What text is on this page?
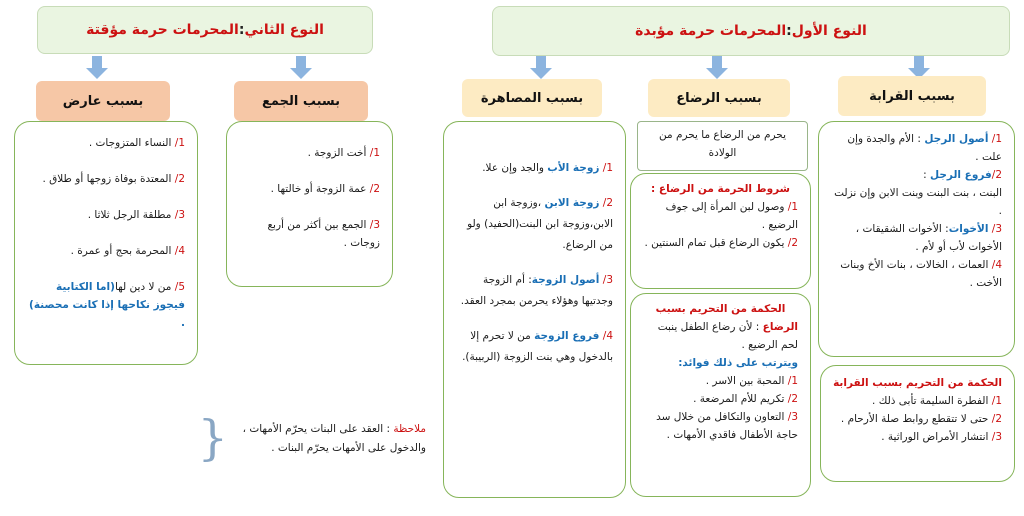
النوع الأول
:
المحرمات حرمة مؤبدة
النوع الثاني
:
المحرمات حرمة مؤقتة
بسبب القرابة
بسبب الرضاع
بسبب المصاهرة
بسبب الجمع
بسبب عارض

1/ أصول الرجل : الأم والجدة وإن علت .

2/فروع الرجل :

البنت ، بنت البنت وبنت الابن وإن نزلت .

3/ الأخوات: الأخوات الشقيقات ، الأخوات لأب أو لأم .

4/ العمات ، الخالات ، بنات الأخ وبنات الأخت .

الحكمة من التحريم بسبب القرابة

1/ الفطرة السليمة تأبى ذلك .

2/ حتى لا تتقطع روابط صلة الأرحام .

3/ انتشار الأمراض الوراثية .

يحرم من الرضاع ما يحرم من الولادة

شروط الحرمة من الرضاع :

1/ وصول لبن المرأة إلى جوف الرضيع .

2/ يكون الرضاع قبل تمام السنتين .

الحكمة من التحريم بسبب

الرضاع : لأن رضاع الطفل ينبت لحم الرضيع .

ويترتب على ذلك فوائد:

1/ المحبة بين الاسر .

2/ تكريم للأم المرضعة .

3/ التعاون والتكافل من خلال سد حاجة الأطفال فاقدي الأمهات .

1/ زوجة الأب والجد وإن علا.

2/ زوجة الابن ،وزوجة ابن الابن،وزوجة ابن البنت(الحفيد) ولو من الرضاع.

3/ أصول الزوجة: أم الزوجة وجدتيها وهؤلاء يحرمن بمجرد العقد.

4/ فروع الزوجة من لا تحرم إلا بالدخول وهي بنت الزوجة (الربيبة).

1/ أخت الزوجة .

2/ عمة الزوجة أو خالتها .

3/ الجمع بين أكثر من أربع زوجات .

1/ النساء المتزوجات .

2/ المعتدة بوفاة زوجها أو طلاق .

3/ مطلقة الرجل ثلاثا .

4/ المحرمة بحج أو عمرة .

5/ من لا دين لها(اما الكتابية فيجوز نكاحها إذا كانت محصنة) .

ملاحظة : العقد على البنات يحرّم الأمهات ،

والدخول على الأمهات يحرّم البنات .

{
